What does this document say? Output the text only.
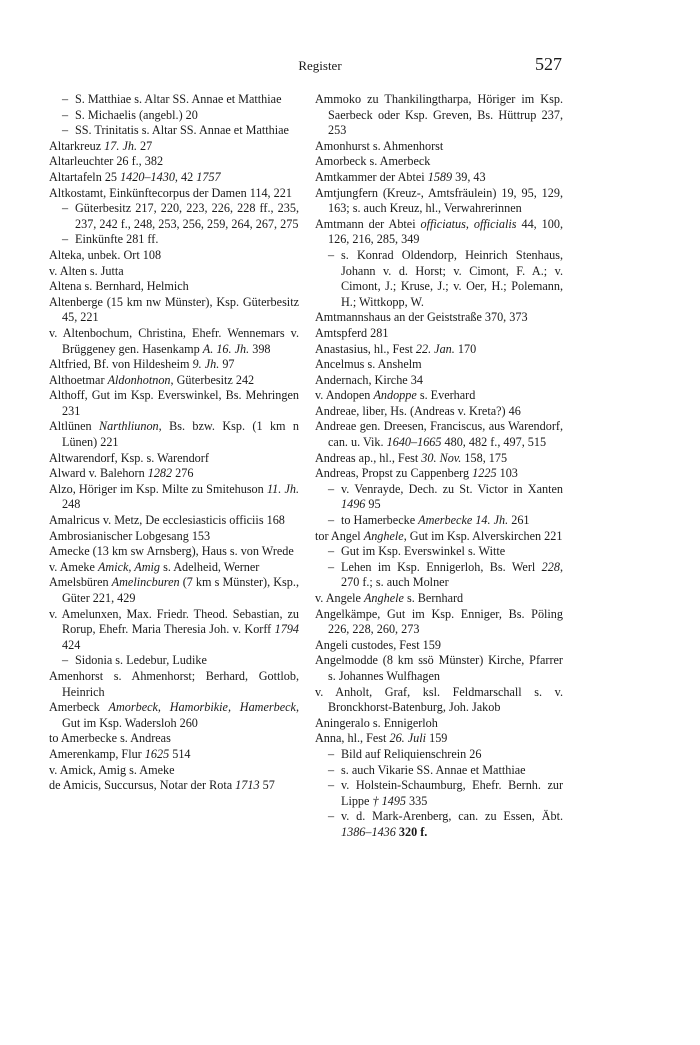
Register	527
– S. Matthiae s. Altar SS. Annae et Matthiae
– S. Michaelis (angebl.) 20
– SS. Trinitatis s. Altar SS. Annae et Matthiae
Altarkreuz 17. Jh. 27
Altarleuchter 26 f., 382
Altartafeln 25 1420–1430, 42 1757
Altkostamt, Einkünftecorpus der Damen 114, 221
– Güterbesitz 217, 220, 223, 226, 228 ff., 235, 237, 242 f., 248, 253, 256, 259, 264, 267, 275
– Einkünfte 281 ff.
Alteka, unbek. Ort 108
v. Alten s. Jutta
Altena s. Bernhard, Helmich
Altenberge (15 km nw Münster), Ksp. Güterbesitz 45, 221
v. Altenbochum, Christina, Ehefr. Wennemars v. Brüggeney gen. Hasenkamp A. 16. Jh. 398
Altfried, Bf. von Hildesheim 9. Jh. 97
Althoetmar Aldonhotnon, Güterbesitz 242
Althoff, Gut im Ksp. Everswinkel, Bs. Mehringen 231
Altlünen Narthliunon, Bs. bzw. Ksp. (1 km n Lünen) 221
Altwarendorf, Ksp. s. Warendorf
Alward v. Balehorn 1282 276
Alzo, Höriger im Ksp. Milte zu Smitehuson 11. Jh. 248
Amalricus v. Metz, De ecclesiasticis officiis 168
Ambrosianischer Lobgesang 153
Amecke (13 km sw Arnsberg), Haus s. von Wrede
v. Ameke Amick, Amig s. Adelheid, Werner
Amelsbüren Amelincburen (7 km s Münster), Ksp., Güter 221, 429
v. Amelunxen, Max. Friedr. Theod. Sebastian, zu Rorup, Ehefr. Maria Theresia Joh. v. Korff 1794 424
– Sidonia s. Ledebur, Ludike
Amenhorst s. Ahmenhorst; Berhard, Gottlob, Heinrich
Amerbeck Amorbeck, Hamorbikie, Hamerbeck, Gut im Ksp. Wadersloh 260
to Amerbecke s. Andreas
Amerenkamp, Flur 1625 514
v. Amick, Amig s. Ameke
de Amicis, Succursus, Notar der Rota 1713 57
Ammoko zu Thankilingtharpa, Höriger im Ksp. Saerbeck oder Ksp. Greven, Bs. Hüttrup 237, 253
Amonhurst s. Ahmenhorst
Amorbeck s. Amerbeck
Amtkammer der Abtei 1589 39, 43
Amtjungfern (Kreuz-, Amtsfräulein) 19, 95, 129, 163; s. auch Kreuz, hl., Verwahrerinnen
Amtmann der Abtei officiatus, officialis 44, 100, 126, 216, 285, 349
– s. Konrad Oldendorp, Heinrich Stenhaus, Johann v. d. Horst; v. Cimont, F. A.; v. Cimont, J.; Kruse, J.; v. Oer, H.; Polemann, H.; Wittkopp, W.
Amtmannshaus an der Geiststraße 370, 373
Amtspferd 281
Anastasius, hl., Fest 22. Jan. 170
Ancelmus s. Anshelm
Andernach, Kirche 34
v. Andopen Andoppe s. Everhard
Andreae, liber, Hs. (Andreas v. Kreta?) 46
Andreae gen. Dreesen, Franciscus, aus Warendorf, can. u. Vik. 1640–1665 480, 482 f., 497, 515
Andreas ap., hl., Fest 30. Nov. 158, 175
Andreas, Propst zu Cappenberg 1225 103
– v. Venrayde, Dech. zu St. Victor in Xanten 1496 95
– to Hamerbecke Amerbecke 14. Jh. 261
tor Angel Anghele, Gut im Ksp. Alverskirchen 221
– Gut im Ksp. Everswinkel s. Witte
– Lehen im Ksp. Ennigerloh, Bs. Werl 228, 270 f.; s. auch Molner
v. Angele Anghele s. Bernhard
Angelkämpe, Gut im Ksp. Enniger, Bs. Pöling 226, 228, 260, 273
Angeli custodes, Fest 159
Angelmodde (8 km ssö Münster) Kirche, Pfarrer s. Johannes Wulfhagen
v. Anholt, Graf, ksl. Feldmarschall s. v. Bronckhorst-Batenburg, Joh. Jakob
Aningeralo s. Ennigerloh
Anna, hl., Fest 26. Juli 159
– Bild auf Reliquienschrein 26
– s. auch Vikarie SS. Annae et Matthiae
– v. Holstein-Schaumburg, Ehefr. Bernh. zur Lippe † 1495 335
– v. d. Mark-Arenberg, can. zu Essen, Äbt. 1386–1436 320 f.
